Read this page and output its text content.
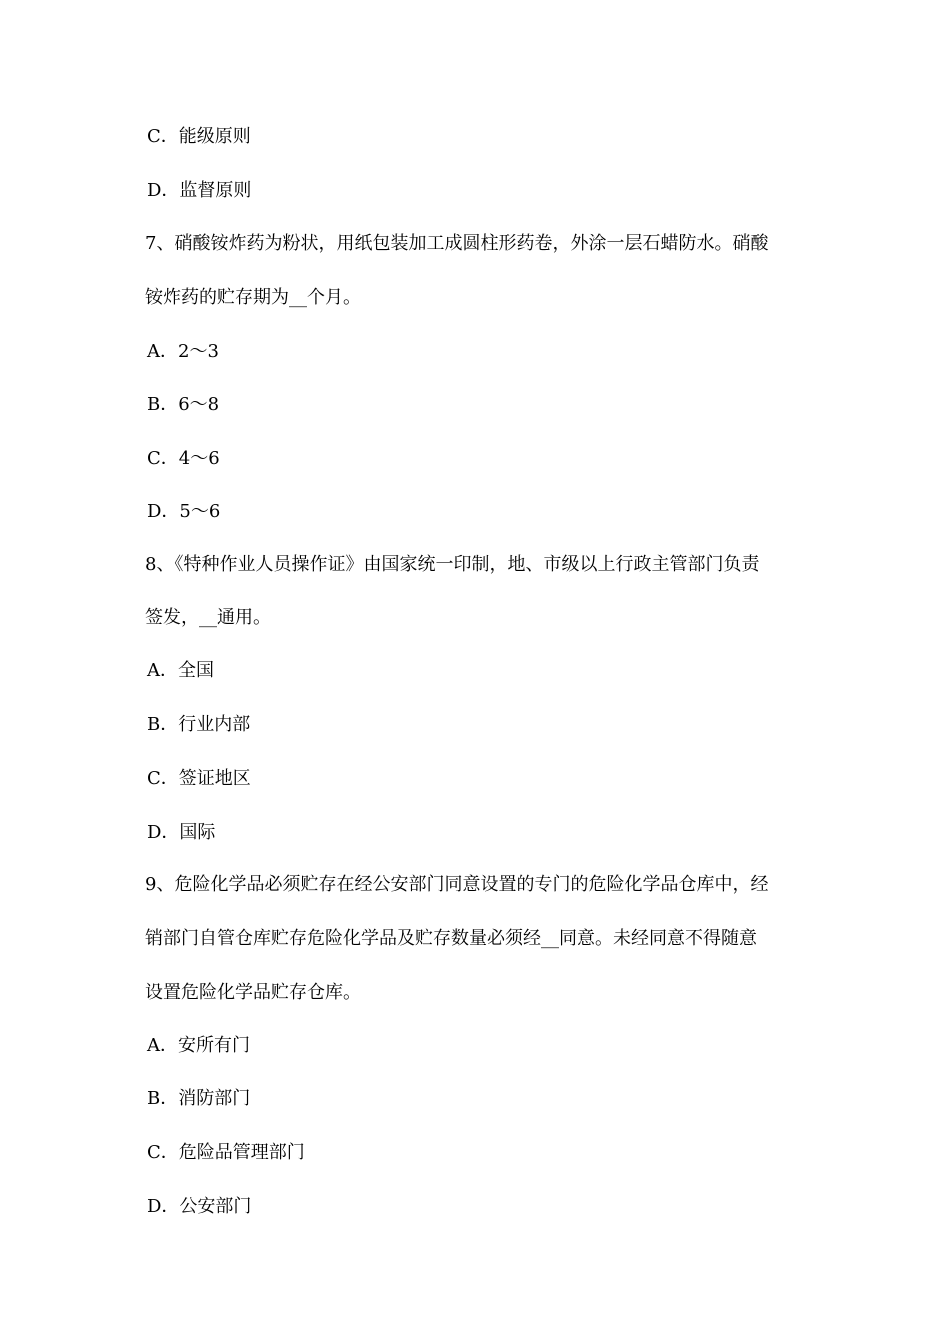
C．能级原则
D．监督原则
7、硝酸铵炸药为粉状，用纸包装加工成圆柱形药卷，外涂一层石蜡防水。硝酸
铵炸药的贮存期为__个月。
A．2～3
B．6～8
C．4～6
D．5～6
8、《特种作业人员操作证》由国家统一印制，地、市级以上行政主管部门负责
签发，__通用。
A．全国
B．行业内部
C．签证地区
D．国际
9、危险化学品必须贮存在经公安部门同意设置的专门的危险化学品仓库中，经
销部门自管仓库贮存危险化学品及贮存数量必须经__同意。未经同意不得随意
设置危险化学品贮存仓库。
A．安所有门
B．消防部门
C．危险品管理部门
D．公安部门
